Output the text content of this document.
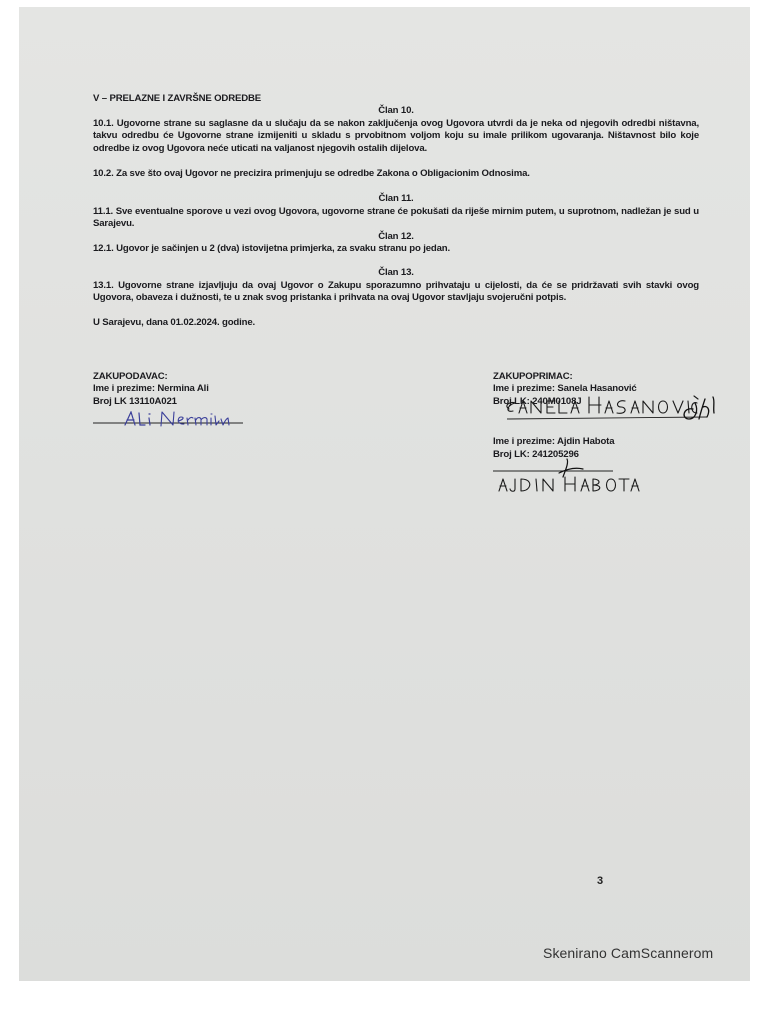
V – PRELAZNE I ZAVRŠNE ODREDBE

Član 10.

10.1. Ugovorne strane su saglasne da u slučaju da se nakon zaključenja ovog Ugovora utvrdi da je neka od njegovih odredbi ništavna, takvu odredbu će Ugovorne strane izmijeniti u skladu s prvobitnom voljom koju su imale prilikom ugovaranja. Ništavnost bilo koje odredbe iz ovog Ugovora neće uticati na valjanost njegovih ostalih dijelova.

10.2. Za sve što ovaj Ugovor ne precizira primenjuju se odredbe Zakona o Obligacionim Odnosima.

Član 11.

11.1. Sve eventualne sporove u vezi ovog Ugovora, ugovorne strane će pokušati da riješe mirnim putem, u suprotnom, nadležan je sud u Sarajevu.

Član 12.

12.1. Ugovor je sačinjen u 2 (dva) istovijetna primjerka, za svaku stranu po jedan.

Član 13.

13.1. Ugovorne strane izjavljuju da ovaj Ugovor o Zakupu sporazumno prihvataju u cijelosti, da će se pridržavati svih stavki ovog Ugovora, obaveza i dužnosti, te u znak svog pristanka i prihvata na ovaj Ugovor stavljaju svojeručni potpis.

U Sarajevu, dana 01.02.2024. godine.

ZAKUPODAVAC:
Ime i prezime: Nermina Ali
Broj LK 13110A021
ZAKUPOPRIMAC:
Ime i prezime: Sanela Hasanović
Broj LK: 240M0108J
Ime i prezime: Ajdin Habota
Broj LK: 241205296
3
Skenirano CamScannerom
